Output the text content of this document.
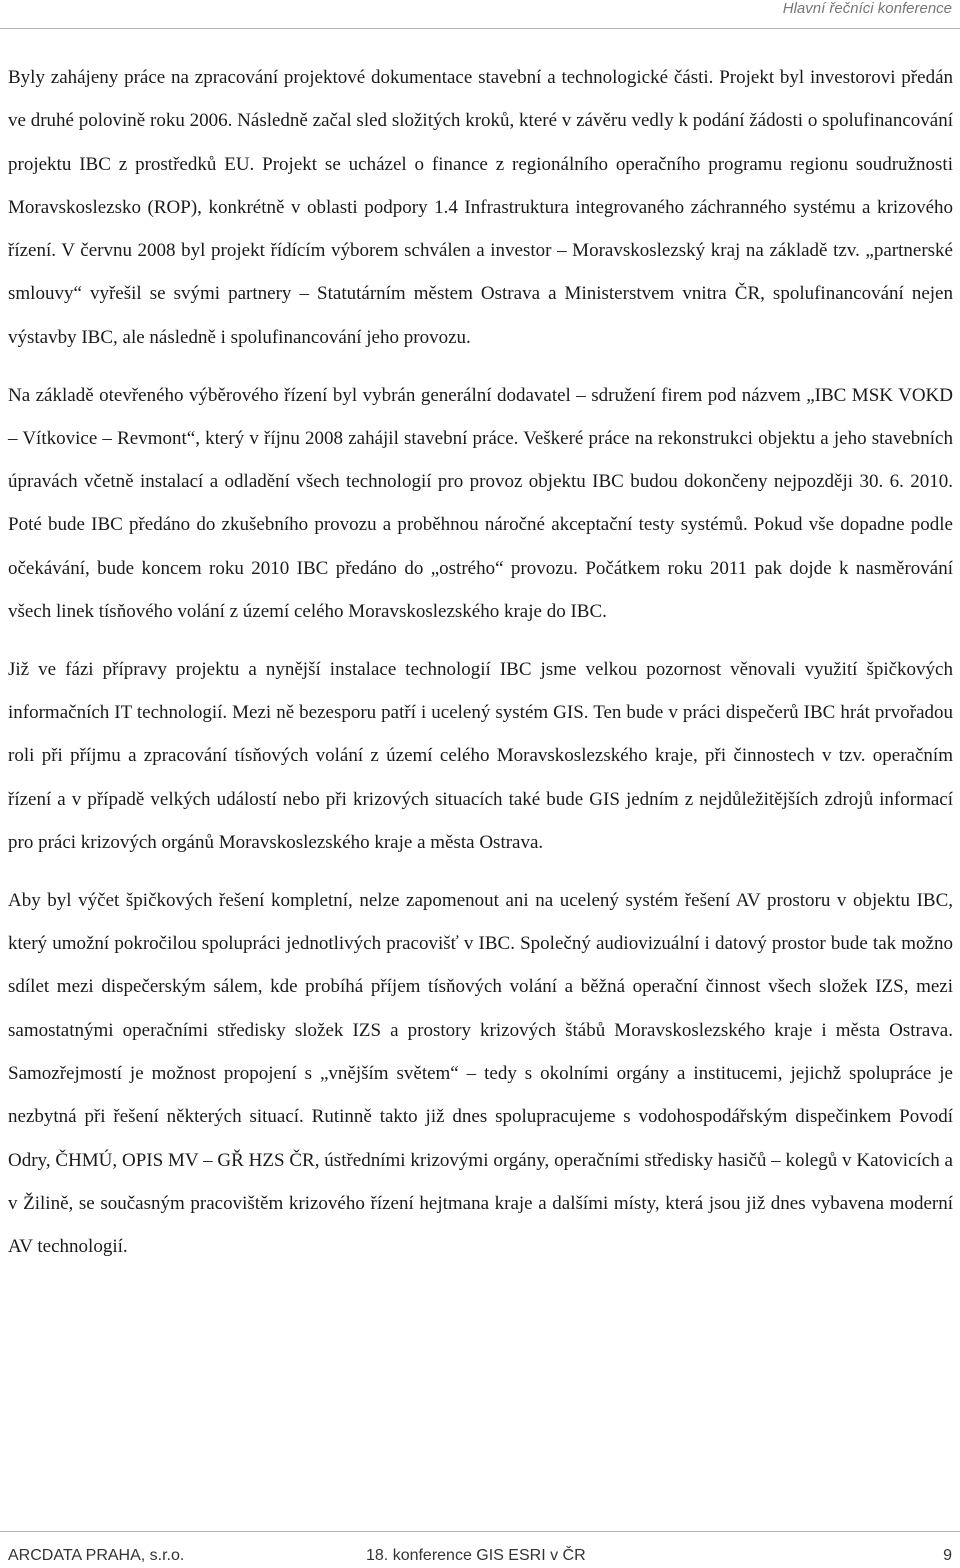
Hlavní řečníci konference

Byly zahájeny práce na zpracování projektové dokumentace stavební a technologické části. Projekt byl investorovi předán ve druhé polovině roku 2006. Následně začal sled složitých kroků, které v závěru vedly k podání žádosti o spolufinancování projektu IBC z prostředků EU. Projekt se ucházel o finance z regionálního operačního programu regionu soudružnosti Moravskoslezsko (ROP), konkrétně v oblasti podpory 1.4 Infrastruktura integrovaného záchranného systému a krizového řízení. V červnu 2008 byl projekt řídícím výborem schválen a investor – Moravskoslezský kraj na základě tzv. „partnerské smlouvy“ vyřešil se svými partnery – Statutárním městem Ostrava a Ministerstvem vnitra ČR, spolufinancování nejen výstavby IBC, ale následně i spolufinancování jeho provozu.

Na základě otevřeného výběrového řízení byl vybrán generální dodavatel – sdružení firem pod názvem „IBC MSK VOKD – Vítkovice – Revmont“, který v říjnu 2008 zahájil stavební práce. Veškeré práce na rekonstrukci objektu a jeho stavebních úpravách včetně instalací a odladění všech technologií pro provoz objektu IBC budou dokončeny nejpozději 30. 6. 2010. Poté bude IBC předáno do zkušebního provozu a proběhnou náročné akceptační testy systémů. Pokud vše dopadne podle očekávání, bude koncem roku 2010 IBC předáno do „ostrého“ provozu. Počátkem roku 2011 pak dojde k nasměrování všech linek tísňového volání z území celého Moravskoslezského kraje do IBC.

Již ve fázi přípravy projektu a nynější instalace technologií IBC jsme velkou pozornost věnovali využití špičkových informačních IT technologií. Mezi ně bezesporu patří i ucelený systém GIS. Ten bude v práci dispečerů IBC hrát prvořadou roli při příjmu a zpracování tísňových volání z území celého Moravskoslezského kraje, při činnostech v tzv. operačním řízení a v případě velkých událostí nebo při krizových situacích také bude GIS jedním z nejdůležitějších zdrojů informací pro práci krizových orgánů Moravskoslezského kraje a města Ostrava.

Aby byl výčet špičkových řešení kompletní, nelze zapomenout ani na ucelený systém řešení AV prostoru v objektu IBC, který umožní pokročilou spolupráci jednotlivých pracovišť v IBC. Společný audiovizuální i datový prostor bude tak možno sdílet mezi dispečerským sálem, kde probíhá příjem tísňových volání a běžná operační činnost všech složek IZS, mezi samostatnými operačními středisky složek IZS a prostory krizových štábů Moravskoslezského kraje i města Ostrava. Samozřejmostí je možnost propojení s „vnějším světem“ – tedy s okolními orgány a institucemi, jejichž spolupráce je nezbytná při řešení některých situací. Rutinně takto již dnes spolupracujeme s vodohospodářským dispečinkem Povodí Odry, ČHMÚ, OPIS MV – GŘ HZS ČR, ústředními krizovými orgány, operačními středisky hasičů – kolegů v Katovicích a v Žilině, se současným pracovištěm krizového řízení hejtmana kraje a dalšími místy, která jsou již dnes vybavena moderní AV technologií.

ARCDATA PRAHA, s.r.o.	18. konference GIS ESRI v ČR	9
